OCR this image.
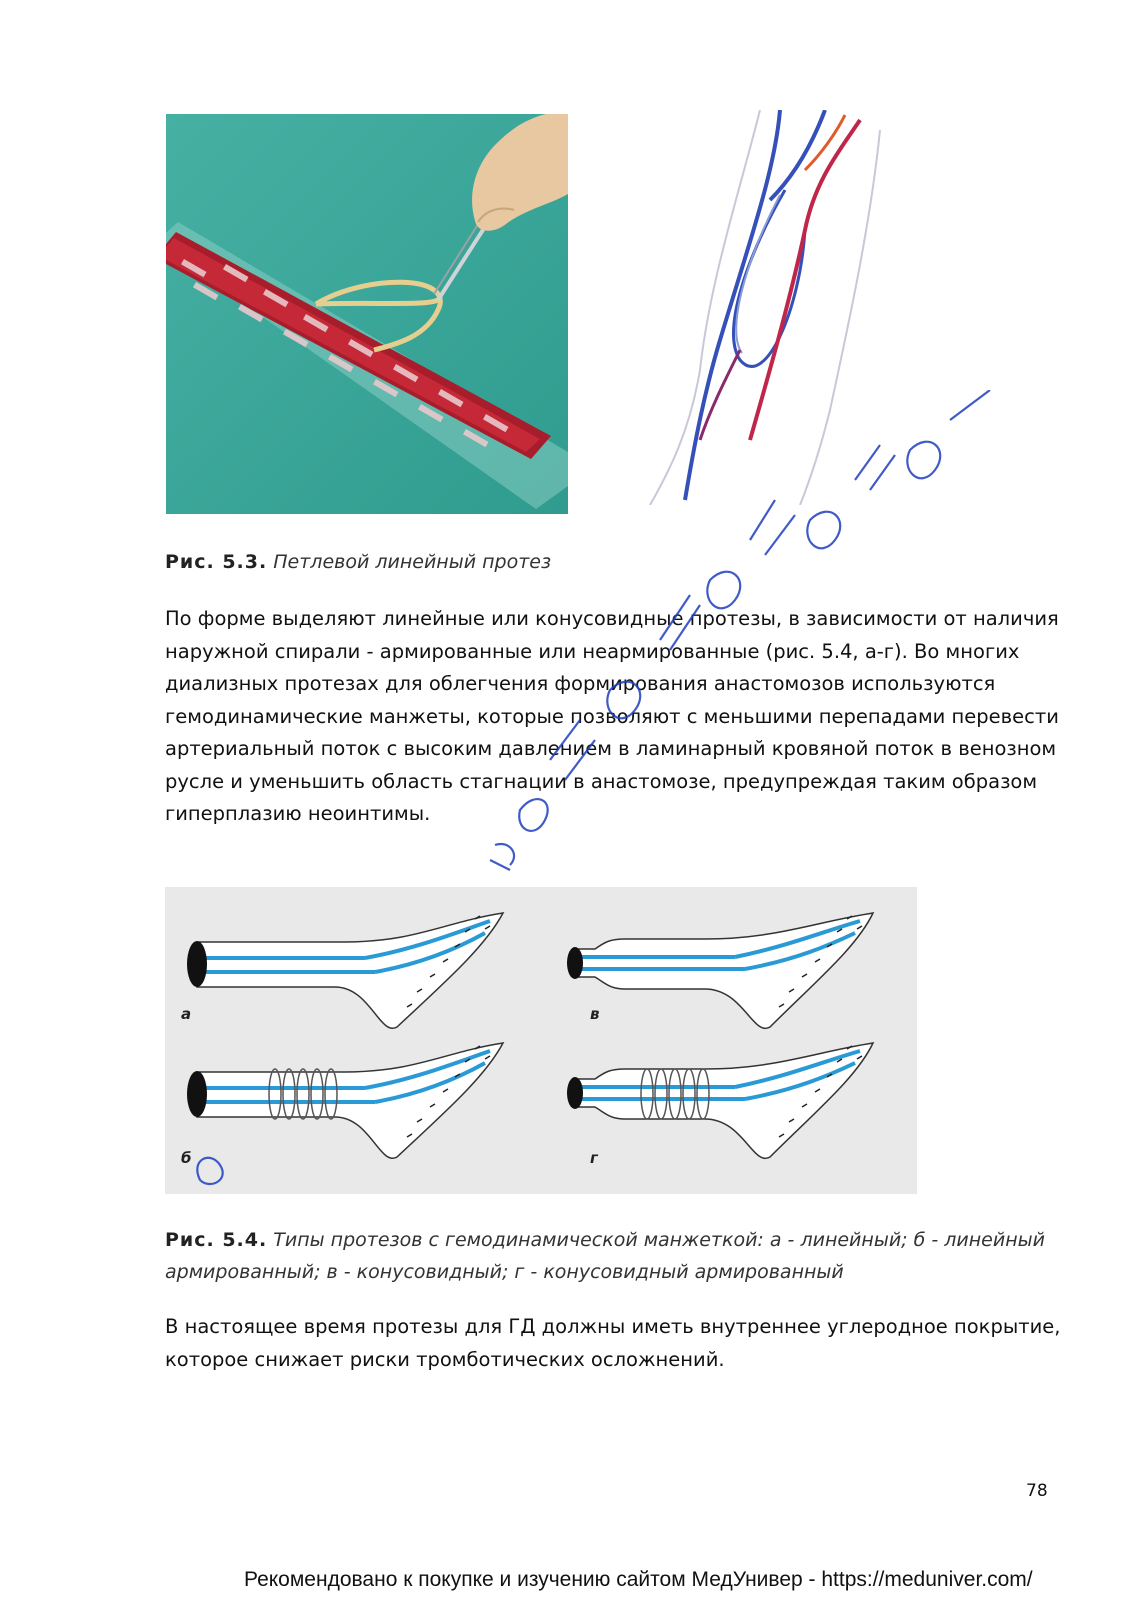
Рис. 5.3. Петлевой линейный протез

По форме выделяют линейные или конусовидные протезы, в зависимости от наличия наружной спирали - армированные или неармированные (рис. 5.4, а-г). Во многих диализных протезах для облегчения формирования анастомозов используются гемодинамические манжеты, которые позволяют с меньшими перепадами перевести артериальный поток с высоким давлением в ламинарный кровяной поток в венозном русле и уменьшить область стагнации в анастомозе, предупреждая таким образом гиперплазию неоинтимы.

а	в
б	г
Рис. 5.4. Типы протезов с гемодинамической манжеткой: а - линейный; б - линейный армированный; в - конусовидный; г - конусовидный армированный

В настоящее время протезы для ГД должны иметь внутреннее углеродное покрытие, которое снижает риски тромботических осложнений.

78
Рекомендовано к покупке и изучению сайтом МедУнивер - https://meduniver.com/
